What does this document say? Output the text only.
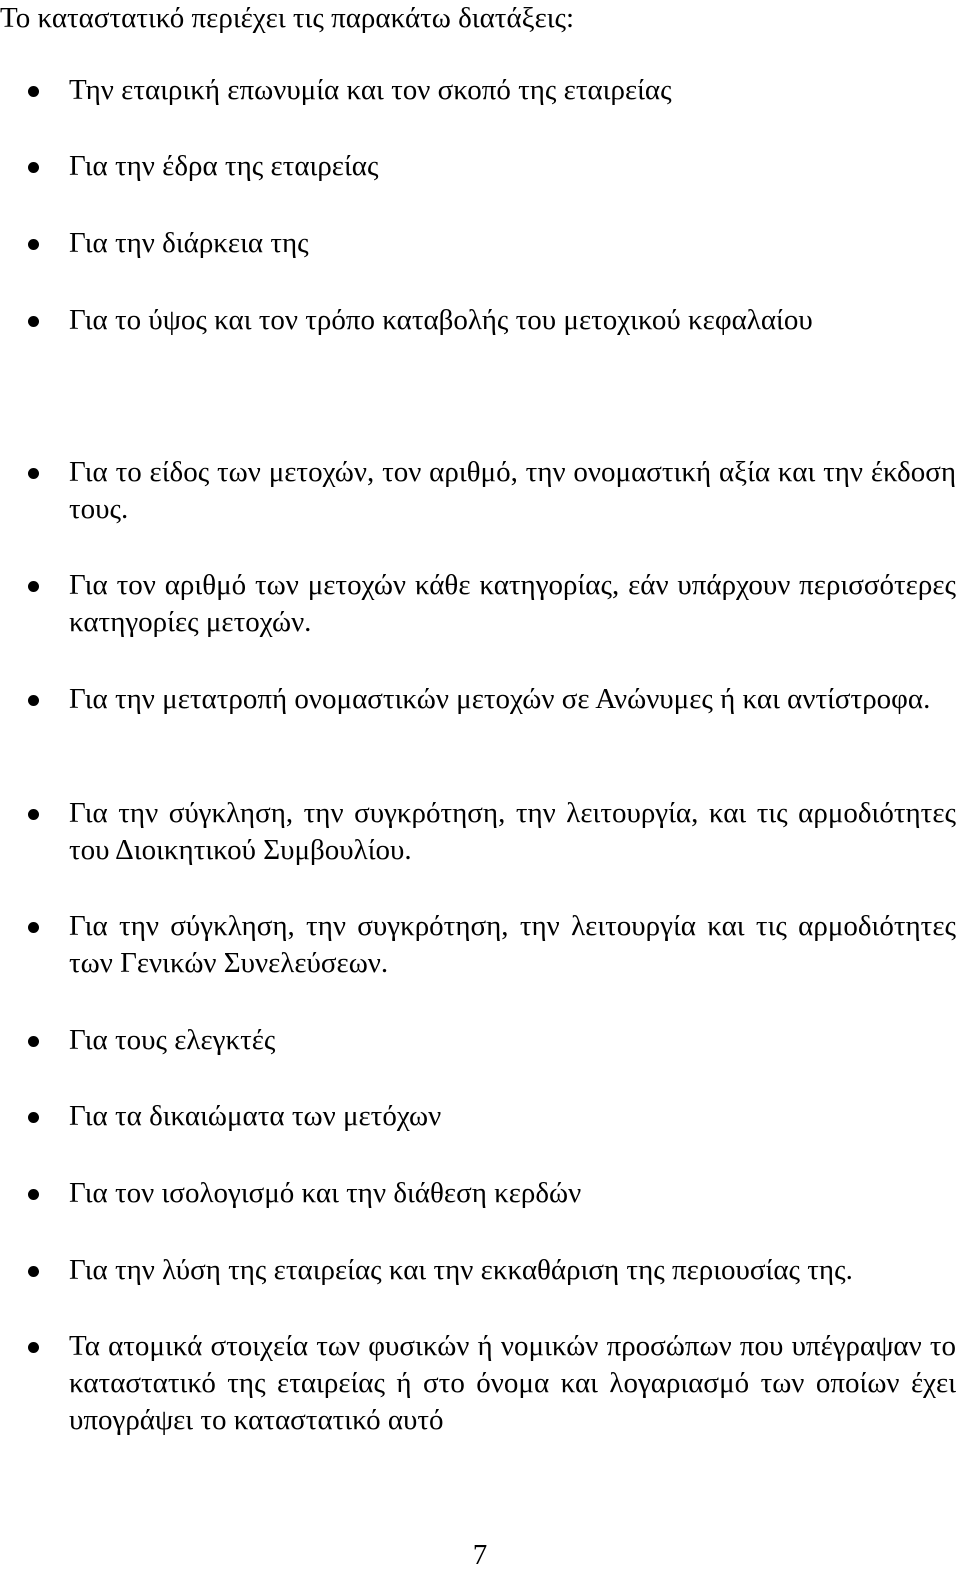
Το καταστατικό περιέχει τις παρακάτω διατάξεις:
Την εταιρική επωνυμία και τον σκοπό της εταιρείας
Για την έδρα της εταιρείας
Για την διάρκεια της
Για το ύψος και τον τρόπο καταβολής του μετοχικού κεφαλαίου
Για το είδος των μετοχών, τον αριθμό, την ονομαστική αξία και την έκδοση τους.
Για τον αριθμό των μετοχών κάθε κατηγορίας, εάν υπάρχουν περισσότερες κατηγορίες μετοχών.
Για την μετατροπή ονομαστικών μετοχών σε Ανώνυμες ή και αντίστροφα.
Για την σύγκληση, την συγκρότηση, την λειτουργία, και τις αρμοδιότητες του Διοικητικού Συμβουλίου.
Για την σύγκληση, την συγκρότηση, την λειτουργία και τις αρμοδιότητες των Γενικών Συνελεύσεων.
Για τους ελεγκτές
Για τα δικαιώματα των μετόχων
Για τον ισολογισμό και την διάθεση κερδών
Για την λύση της εταιρείας και την εκκαθάριση της περιουσίας της.
Τα ατομικά στοιχεία των φυσικών ή νομικών προσώπων που υπέγραψαν το καταστατικό της εταιρείας ή στο όνομα και λογαριασμό των οποίων έχει υπογράψει το καταστατικό αυτό
7
